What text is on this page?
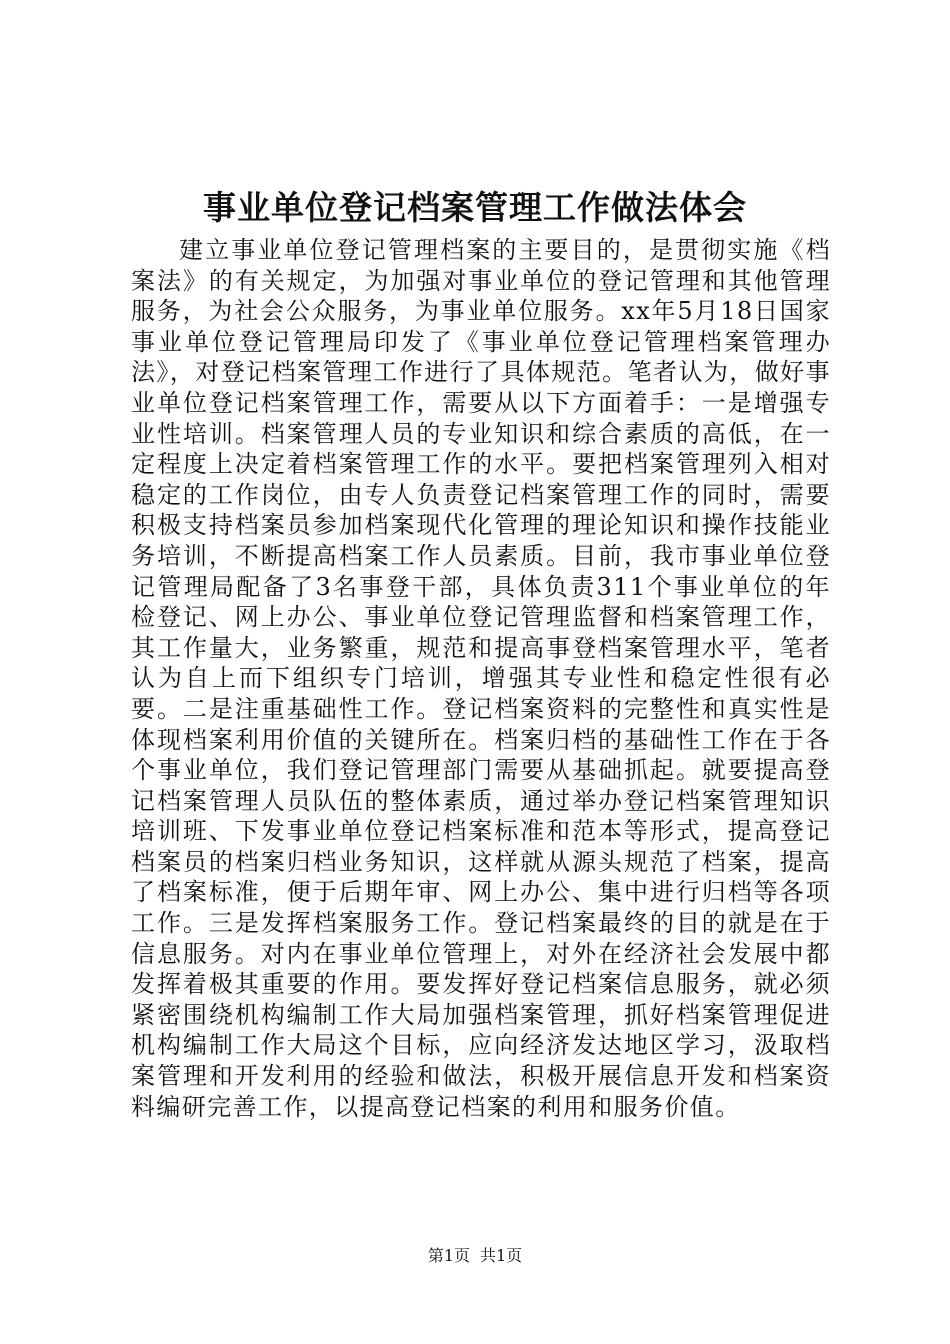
事业单位登记档案管理工作做法体会

建立事业单位登记管理档案的主要目的，是贯彻实施《档案法》的有关规定，为加强对事业单位的登记管理和其他管理服务，为社会公众服务，为事业单位服务。xx年5月18日国家事业单位登记管理局印发了《事业单位登记管理档案管理办法》，对登记档案管理工作进行了具体规范。笔者认为，做好事业单位登记档案管理工作，需要从以下方面着手：一是增强专业性培训。档案管理人员的专业知识和综合素质的高低，在一定程度上决定着档案管理工作的水平。要把档案管理列入相对稳定的工作岗位，由专人负责登记档案管理工作的同时，需要积极支持档案员参加档案现代化管理的理论知识和操作技能业务培训，不断提高档案工作人员素质。目前，我市事业单位登记管理局配备了3名事登干部，具体负责311个事业单位的年检登记、网上办公、事业单位登记管理监督和档案管理工作，其工作量大，业务繁重，规范和提高事登档案管理水平，笔者认为自上而下组织专门培训，增强其专业性和稳定性很有必要。二是注重基础性工作。登记档案资料的完整性和真实性是体现档案利用价值的关键所在。档案归档的基础性工作在于各个事业单位，我们登记管理部门需要从基础抓起。就要提高登记档案管理人员队伍的整体素质，通过举办登记档案管理知识培训班、下发事业单位登记档案标准和范本等形式，提高登记档案员的档案归档业务知识，这样就从源头规范了档案，提高了档案标准，便于后期年审、网上办公、集中进行归档等各项工作。三是发挥档案服务工作。登记档案最终的目的就是在于信息服务。对内在事业单位管理上，对外在经济社会发展中都发挥着极其重要的作用。要发挥好登记档案信息服务，就必须紧密围绕机构编制工作大局加强档案管理，抓好档案管理促进机构编制工作大局这个目标，应向经济发达地区学习，汲取档案管理和开发利用的经验和做法，积极开展信息开发和档案资料编研完善工作，以提高登记档案的利用和服务价值。

第1页 共1页
